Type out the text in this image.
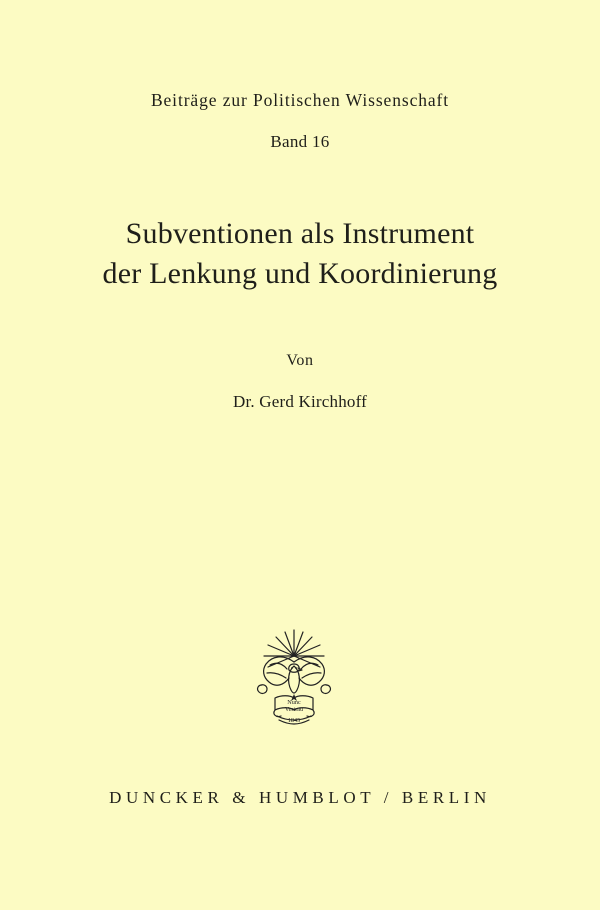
Beiträge zur Politischen Wissenschaft
Band 16
Subventionen als Instrument
der Lenkung und Koordinierung
Von
Dr. Gerd Kirchhoff
Nunc
Vertrau
1845
DUNCKER & HUMBLOT / BERLIN
